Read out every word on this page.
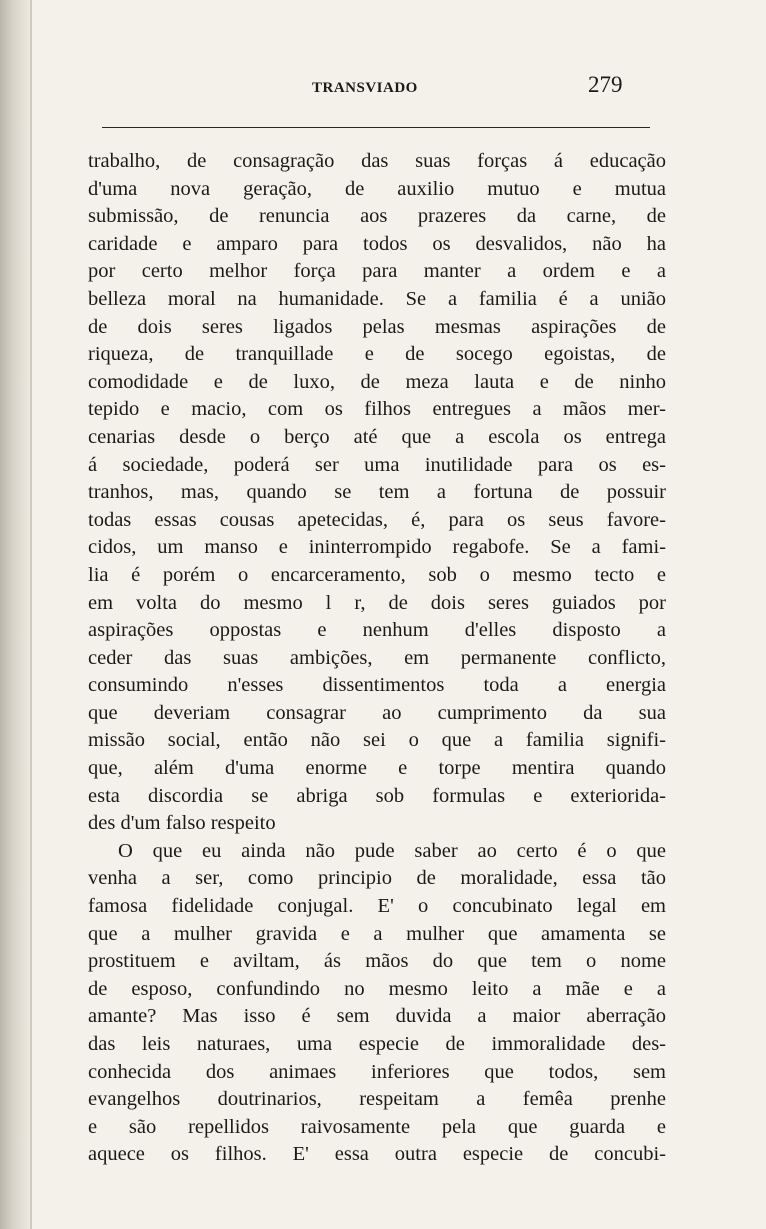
TRANSVIADO	279
trabalho, de consagração das suas forças á educação
d'uma nova geração, de auxilio mutuo e mutua
submissão, de renuncia aos prazeres da carne, de
caridade e amparo para todos os desvalidos, não ha
por certo melhor força para manter a ordem e a
belleza moral na humanidade. Se a familia é a união
de dois seres ligados pelas mesmas aspirações de
riqueza, de tranquillade e de socego egoistas, de
comodidade e de luxo, de meza lauta e de ninho
tepido e macio, com os filhos entregues a mãos mer-
cenarias desde o berço até que a escola os entrega
á sociedade, poderá ser uma inutilidade para os es-
tranhos, mas, quando se tem a fortuna de possuir
todas essas cousas apetecidas, é, para os seus favore-
cidos, um manso e ininterrompido regabofe. Se a fami-
lia é porém o encarceramento, sob o mesmo tecto e
em volta do mesmo l r, de dois seres guiados por
aspirações oppostas e nenhum d'elles disposto a
ceder das suas ambições, em permanente conflicto,
consumindo n'esses dissentimentos toda a energia
que deveriam consagrar ao cumprimento da sua
missão social, então não sei o que a familia signifi-
que, além d'uma enorme e torpe mentira quando
esta discordia se abriga sob formulas e exteriorida-
des d'um falso respeito
O que eu ainda não pude saber ao certo é o que
venha a ser, como principio de moralidade, essa tão
famosa fidelidade conjugal. E' o concubinato legal em
que a mulher gravida e a mulher que amamenta se
prostituem e aviltam, ás mãos do que tem o nome
de esposo, confundindo no mesmo leito a mãe e a
amante? Mas isso é sem duvida a maior aberração
das leis naturaes, uma especie de immoralidade des-
conhecida dos animaes inferiores que todos, sem
evangelhos doutrinarios, respeitam a femêa prenhe
e são repellidos raivosamente pela que guarda e
aquece os filhos. E' essa outra especie de concubi-
